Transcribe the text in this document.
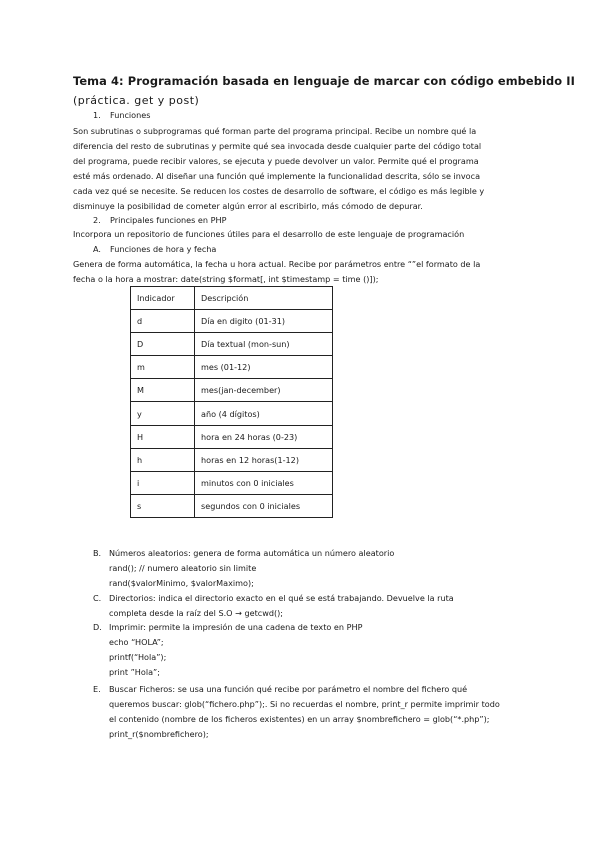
Tema 4: Programación basada en lenguaje de marcar con código embebido II
(práctica. get y post)
1. Funciones
Son subrutinas o subprogramas qué forman parte del programa principal. Recibe un nombre qué la
diferencia del resto de subrutinas y permite qué sea invocada desde cualquier parte del código total
del programa, puede recibir valores, se ejecuta y puede devolver un valor. Permite qué el programa
esté más ordenado. Al diseñar una función qué implemente la funcionalidad descrita, sólo se invoca
cada vez qué se necesite. Se reducen los costes de desarrollo de software, el código es más legible y
disminuye la posibilidad de cometer algún error al escribirlo, más cómodo de depurar.
2. Principales funciones en PHP
Incorpora un repositorio de funciones útiles para el desarrollo de este lenguaje de programación
A. Funciones de hora y fecha
Genera de forma automática, la fecha u hora actual. Recibe por parámetros entre “”el formato de la
fecha o la hora a mostrar: date(string $format[, int $timestamp = time ()]);
Indicador	Descripción
d	Día en digito (01-31)
D	Día textual (mon-sun)
m	mes (01-12)
M	mes(jan-december)
y	año (4 dígitos)
H	hora en 24 horas (0-23)
h	horas en 12 horas(1-12)
i	minutos con 0 iniciales
s	segundos con 0 iniciales
B. Números aleatorios: genera de forma automática un número aleatorio
rand(); // numero aleatorio sin limite
rand($valorMinimo, $valorMaximo);
C. Directorios: indica el directorio exacto en el qué se está trabajando. Devuelve la ruta
completa desde la raíz del S.O → getcwd();
D. Imprimir: permite la impresión de una cadena de texto en PHP
echo “HOLA”;
printf(“Hola”);
print ”Hola”;
E. Buscar Ficheros: se usa una función qué recibe por parámetro el nombre del fichero qué
queremos buscar: glob(“fichero.php”);. Si no recuerdas el nombre, print_r permite imprimir todo
el contenido (nombre de los ficheros existentes) en un array $nombrefichero = glob(“*.php”);
print_r($nombrefichero);
